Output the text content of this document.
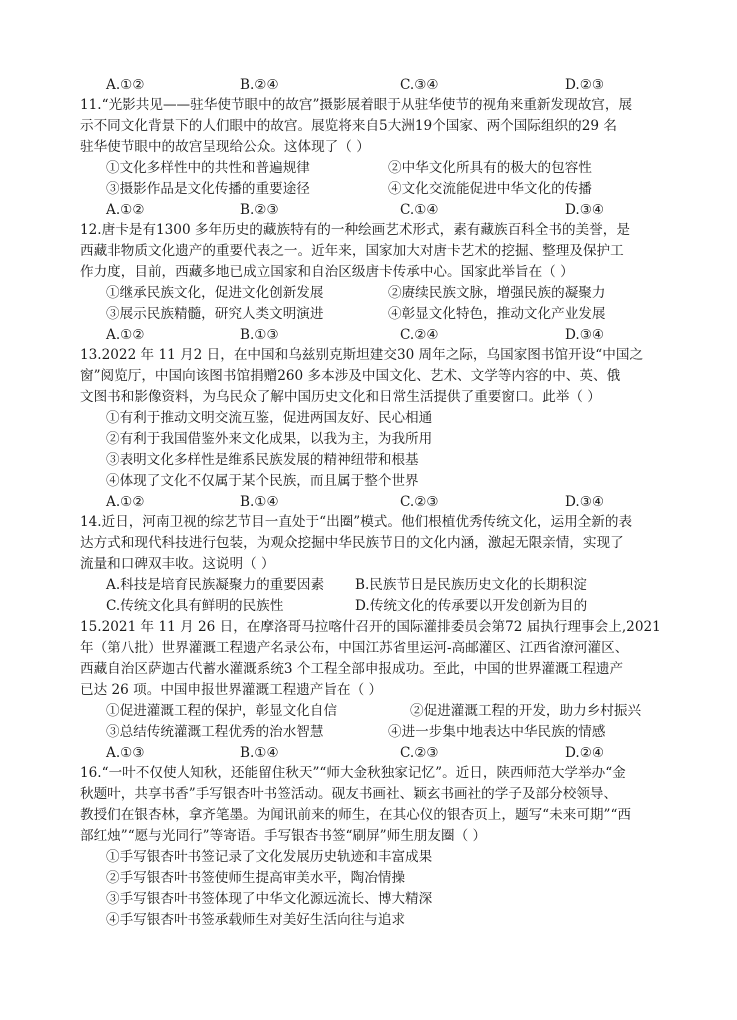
A.①②	B.②④	C.③④	D.②③
11.“光影共见——驻华使节眼中的故宫”摄影展着眼于从驻华使节的视角来重新发现故宫，展
示不同文化背景下的人们眼中的故宫。展览将来自5大洲19个国家、两个国际组织的29 名
驻华使节眼中的故宫呈现给公众。这体现了（ ）
①文化多样性中的共性和普遍规律	②中华文化所具有的极大的包容性
③摄影作品是文化传播的重要途径	④文化交流能促进中华文化的传播
A.①②	B.②③	C.①④	D.③④
12.唐卡是有1300 多年历史的藏族特有的一种绘画艺术形式，素有藏族百科全书的美誉，是
西藏非物质文化遗产的重要代表之一。近年来，国家加大对唐卡艺术的挖掘、整理及保护工
作力度，目前，西藏多地已成立国家和自治区级唐卡传承中心。国家此举旨在（ ）
①继承民族文化，促进文化创新发展	②赓续民族文脉，增强民族的凝聚力
③展示民族精髓，研究人类文明演进	④彰显文化特色，推动文化产业发展
A.①②	B.①③	C.②④	D.③④
13.2022 年 11 月2 日，在中国和乌兹别克斯坦建交30 周年之际，乌国家图书馆开设“中国之
窗”阅览厅，中国向该图书馆捐赠260 多本涉及中国文化、艺术、文学等内容的中、英、俄
文图书和影像资料，为乌民众了解中国历史文化和日常生活提供了重要窗口。此举（ ）
①有利于推动文明交流互鉴，促进两国友好、民心相通
②有利于我国借鉴外来文化成果，以我为主，为我所用
③表明文化多样性是维系民族发展的精神纽带和根基
④体现了文化不仅属于某个民族，而且属于整个世界
A.①②	B.①④	C.②③	D.③④
14.近日，河南卫视的综艺节目一直处于“出圈”模式。他们根植优秀传统文化，运用全新的表
达方式和现代科技进行包装，为观众挖掘中华民族节日的文化内涵，激起无限亲情，实现了
流量和口碑双丰收。这说明（ ）
A.科技是培育民族凝聚力的重要因素 B.民族节日是民族历史文化的长期积淀
C.传统文化具有鲜明的民族性	D.传统文化的传承要以开发创新为目的
15.2021 年 11 月 26 日，在摩洛哥马拉喀什召开的国际灌排委员会第72 届执行理事会上,2021
年（第八批）世界灌溉工程遗产名录公布，中国江苏省里运河-高邮灌区、江西省潦河灌区、
西藏自治区萨迦古代蓄水灌溉系统3 个工程全部申报成功。至此，中国的世界灌溉工程遗产
已达 26 项。中国申报世界灌溉工程遗产旨在（ ）
①促进灌溉工程的保护，彰显文化自信	②促进灌溉工程的开发，助力乡村振兴
③总结传统灌溉工程优秀的治水智慧	④进一步集中地表达中华民族的情感
A.①③	B.①④	C.②③	D.②④
16.“一叶不仅使人知秋，还能留住秋天”“师大金秋独家记忆”。近日，陕西师范大学举办“金
秋题叶，共享书香”手写银杏叶书签活动。砚友书画社、颖玄书画社的学子及部分校领导、
教授们在银杏林，拿齐笔墨。为闻讯前来的师生，在其心仪的银杏页上，题写“未来可期”“西
部红烛”“愿与光同行”等寄语。手写银杏书签“刷屏”师生朋友圈（ ）
①手写银杏叶书签记录了文化发展历史轨迹和丰富成果
②手写银杏叶书签使师生提高审美水平，陶冶情操
③手写银杏叶书签体现了中华文化源远流长、博大精深
④手写银杏叶书签承载师生对美好生活向往与追求
